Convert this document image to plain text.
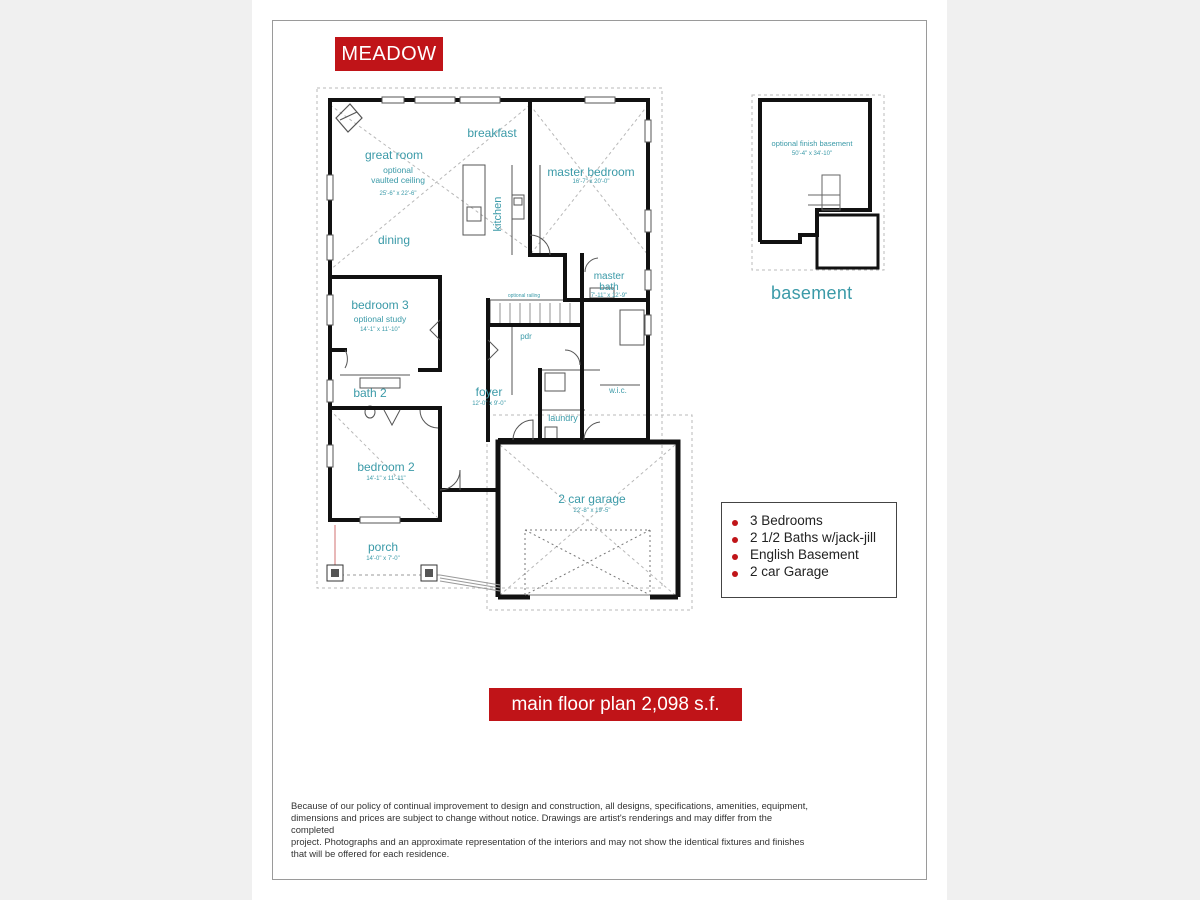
MEADOW
breakfast
great room
optional
vaulted ceiling
25'-6" x 22'-6"
master bedroom
16'-7" x 20'-0"
kitchen
dining
master
bath
7'-11" x 12'-9"
optional railing
bedroom 3
optional study
14'-1" x 11'-10"
pdr
w.i.c.
foyer
12'-0" x 9'-0"
laundry
bath 2
bedroom 2
14'-1" x 11'-11"
2 car garage
22'-8" x 19'-5"
porch
14'-0" x 7'-0"
optional finish basement
50'-4" x 34'-10"
basement
3 Bedrooms
2 1/2 Baths w/jack-jill
English Basement
2 car Garage
main floor plan 2,098 s.f.
Because of our policy of continual improvement to design and construction, all designs, specifications, amenities, equipment,
dimensions and prices are subject to change without notice. Drawings are artist's renderings and may differ from the
completed
project. Photographs and an approximate representation of the interiors and may not show the identical fixtures and finishes
that will be offered for each residence.
